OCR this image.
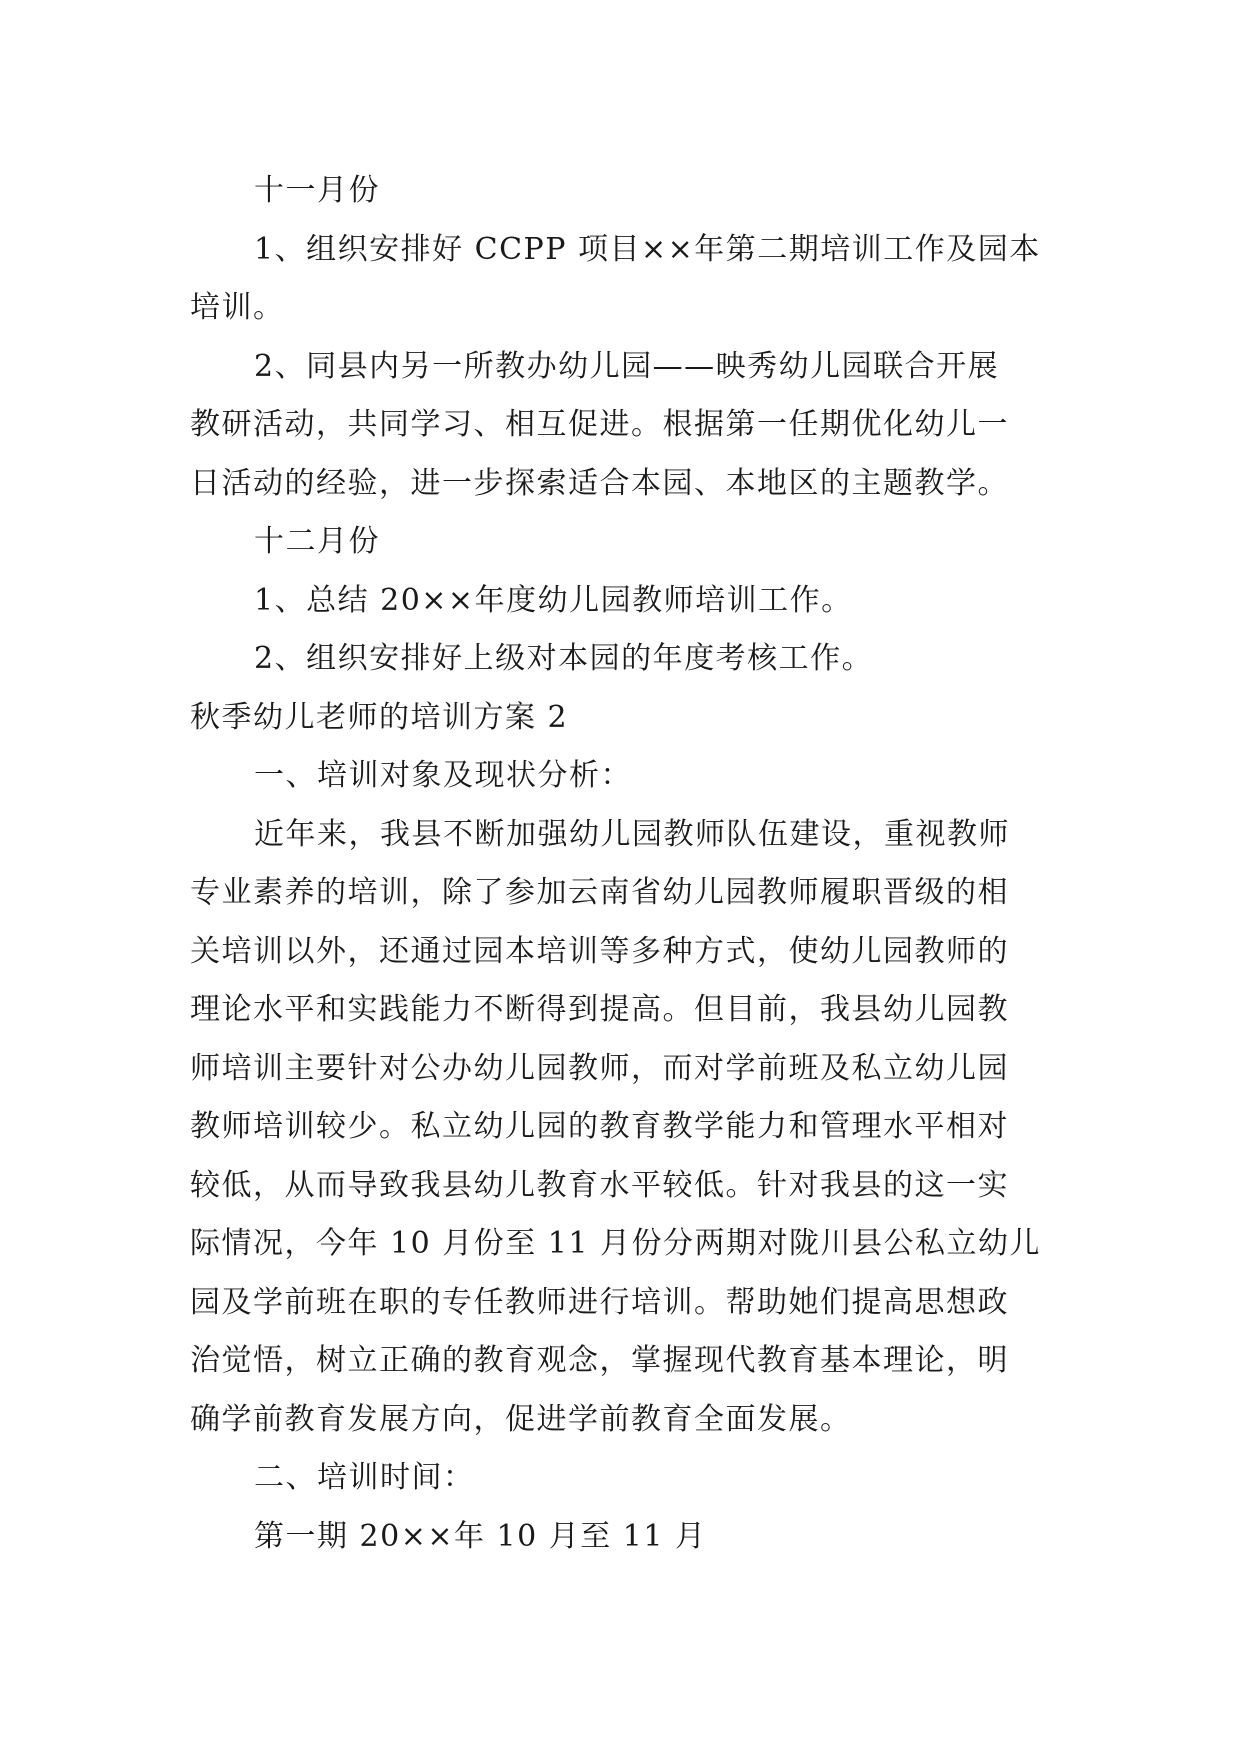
十一月份
1、组织安排好 CCPP 项目××年第二期培训工作及园本
培训。
2、同县内另一所教办幼儿园——映秀幼儿园联合开展
教研活动，共同学习、相互促进。根据第一任期优化幼儿一
日活动的经验，进一步探索适合本园、本地区的主题教学。
十二月份
1、总结 20××年度幼儿园教师培训工作。
2、组织安排好上级对本园的年度考核工作。
秋季幼儿老师的培训方案 2
一、培训对象及现状分析：
近年来，我县不断加强幼儿园教师队伍建设，重视教师
专业素养的培训，除了参加云南省幼儿园教师履职晋级的相
关培训以外，还通过园本培训等多种方式，使幼儿园教师的
理论水平和实践能力不断得到提高。但目前，我县幼儿园教
师培训主要针对公办幼儿园教师，而对学前班及私立幼儿园
教师培训较少。私立幼儿园的教育教学能力和管理水平相对
较低，从而导致我县幼儿教育水平较低。针对我县的这一实
际情况，今年 10 月份至 11 月份分两期对陇川县公私立幼儿
园及学前班在职的专任教师进行培训。帮助她们提高思想政
治觉悟，树立正确的教育观念，掌握现代教育基本理论，明
确学前教育发展方向，促进学前教育全面发展。
二、培训时间：
第一期 20××年 10 月至 11 月
